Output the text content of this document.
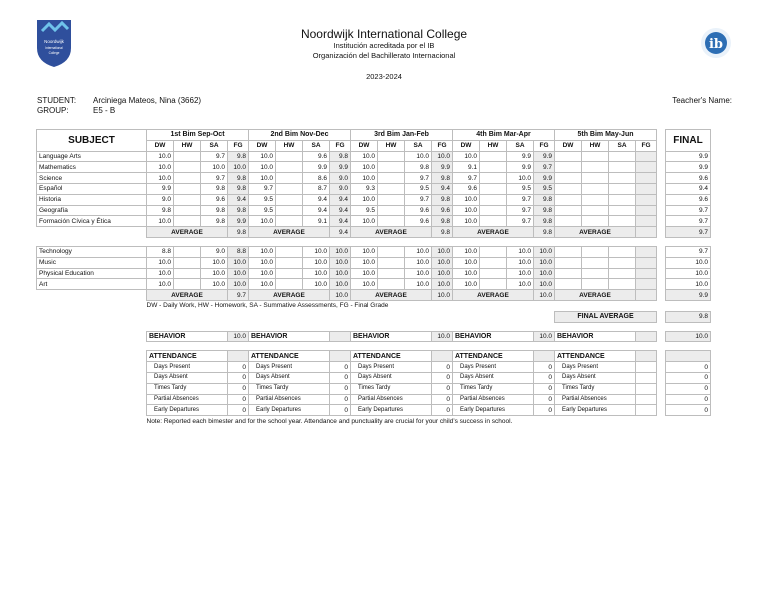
Noordwijk
International
College
Noordwijk International College
Institución acreditada por el IB
Organización del Bachillerato Internacional
2023-2024
ib
STUDENT: Arciniega Mateos, Nina (3662)
GROUP:	E5 - B
Teacher's Name:
SUBJECT	1st Bim Sep-Oct				2nd Bim Nov-Dec				3rd Bim Jan-Feb				4th Bim Mar-Apr				5th Bim May-Jun					FINAL
	DW	HW	SA	FG	DW	HW	SA	FG	DW	HW	SA	FG	DW	HW	SA	FG	DW	HW	SA	FG		
Language Arts	10.0		9.7	9.8	10.0		9.6	9.8	10.0		10.0	10.0	10.0		9.9	9.9						9.9
Mathematics	10.0		10.0	10.0	10.0		9.9	9.9	10.0		9.8	9.9	9.1		9.9	9.7						9.9
Science	10.0		9.7	9.8	10.0		8.6	9.0	10.0		9.7	9.8	9.7		10.0	9.9						9.6
Español	9.9		9.8	9.8	9.7		8.7	9.0	9.3		9.5	9.4	9.6		9.5	9.5						9.4
Historia	9.0		9.6	9.4	9.5		9.4	9.4	10.0		9.7	9.8	10.0		9.7	9.8						9.6
Geografía	9.8		9.8	9.8	9.5		9.4	9.4	9.5		9.6	9.6	10.0		9.7	9.8						9.7
Formación Cívica y Ética	10.0		9.8	9.9	10.0		9.1	9.4	10.0		9.6	9.8	10.0		9.7	9.8						9.7
	AVERAGE			9.8	AVERAGE			9.4	AVERAGE			9.8	AVERAGE			9.8	AVERAGE					9.7

Technology	8.8		9.0	8.8	10.0		10.0	10.0	10.0		10.0	10.0	10.0		10.0	10.0						9.7
Music	10.0		10.0	10.0	10.0		10.0	10.0	10.0		10.0	10.0	10.0		10.0	10.0						10.0
Physical Education	10.0		10.0	10.0	10.0		10.0	10.0	10.0		10.0	10.0	10.0		10.0	10.0						10.0
Art	10.0		10.0	10.0	10.0		10.0	10.0	10.0		10.0	10.0	10.0		10.0	10.0						10.0
	AVERAGE			9.7	AVERAGE			10.0	AVERAGE			10.0	AVERAGE			10.0	AVERAGE					9.9
	DW - Daily Work, HW - Homework, SA - Summative Assessments, FG - Final Grade																					
																	FINAL AVERAGE					9.8

	BEHAVIOR			10.0	BEHAVIOR				BEHAVIOR			10.0	BEHAVIOR			10.0	BEHAVIOR					10.0

	ATTENDANCE				ATTENDANCE				ATTENDANCE				ATTENDANCE				ATTENDANCE					
	Days Present			0	Days Present			0	Days Present			0	Days Present			0	Days Present					0
	Days Absent			0	Days Absent			0	Days Absent			0	Days Absent			0	Days Absent					0
	Times Tardy			0	Times Tardy			0	Times Tardy			0	Times Tardy			0	Times Tardy					0
	Partial Absences			0	Partial Absences			0	Partial Absences			0	Partial Absences			0	Partial Absences					0
	Early Departures			0	Early Departures			0	Early Departures			0	Early Departures			0	Early Departures					0
	Note: Reported each bimester and for the school year. Attendance and punctuality are crucial for your child’s success in school.																					
